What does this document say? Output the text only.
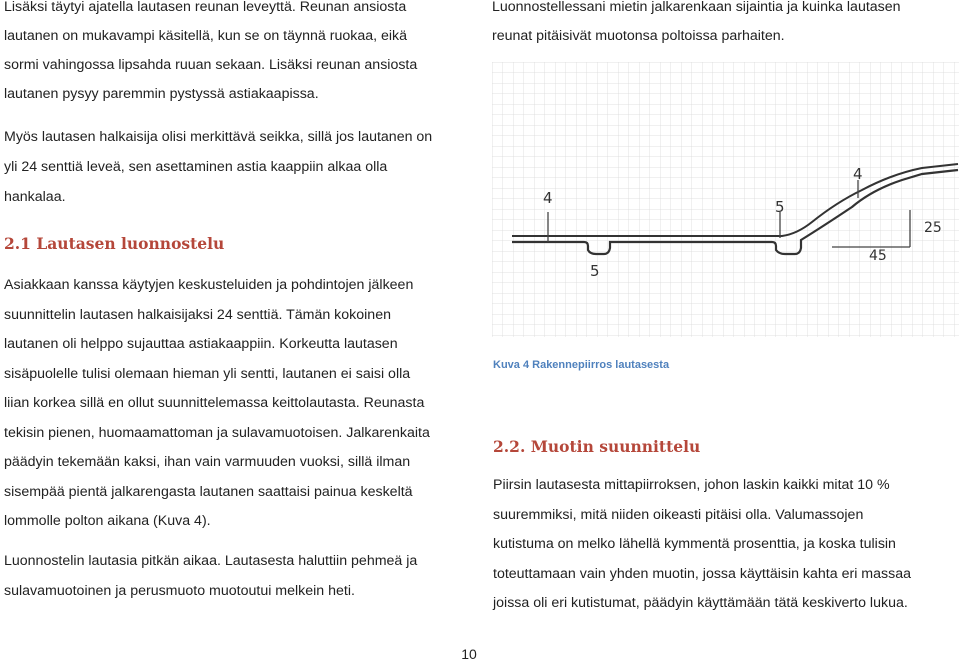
Lisäksi täytyi ajatella lautasen reunan leveyttä. Reunan ansiosta
lautanen on mukavampi käsitellä, kun se on täynnä ruokaa, eikä
sormi vahingossa lipsahda ruuan sekaan. Lisäksi reunan ansiosta
lautanen pysyy paremmin pystyssä astiakaapissa.
Myös lautasen halkaisija olisi merkittävä seikka, sillä jos lautanen on
yli 24 senttiä leveä, sen asettaminen astia kaappiin alkaa olla
hankalaa.
2.1 Lautasen luonnostelu
Asiakkaan kanssa käytyjen keskusteluiden ja pohdintojen jälkeen
suunnittelin lautasen halkaisijaksi 24 senttiä. Tämän kokoinen
lautanen oli helppo sujauttaa astiakaappiin. Korkeutta lautasen
sisäpuolelle tulisi olemaan hieman yli sentti, lautanen ei saisi olla
liian korkea sillä en ollut suunnittelemassa keittolautasta. Reunasta
tekisin pienen, huomaamattoman ja sulavamuotoisen. Jalkarenkaita
päädyin tekemään kaksi, ihan vain varmuuden vuoksi, sillä ilman
sisempää pientä jalkarengasta lautanen saattaisi painua keskeltä
lommolle polton aikana (Kuva 4).
Luonnostelin lautasia pitkän aikaa. Lautasesta haluttiin pehmeä ja
sulavamuotoinen ja perusmuoto muotoutui melkein heti.
Luonnostellessani mietin jalkarenkaan sijaintia ja kuinka lautasen
reunat pitäisivät muotonsa poltoissa parhaiten.
4	5
4
25
45
5

Kuva 4 Rakennepiirros lautasesta

2.2. Muotin suunnittelu
Piirsin lautasesta mittapiirroksen, johon laskin kaikki mitat 10 %
suuremmiksi, mitä niiden oikeasti pitäisi olla. Valumassojen
kutistuma on melko lähellä kymmentä prosenttia, ja koska tulisin
toteuttamaan vain yhden muotin, jossa käyttäisin kahta eri massaa
joissa oli eri kutistumat, päädyin käyttämään tätä keskiverto lukua.
10
